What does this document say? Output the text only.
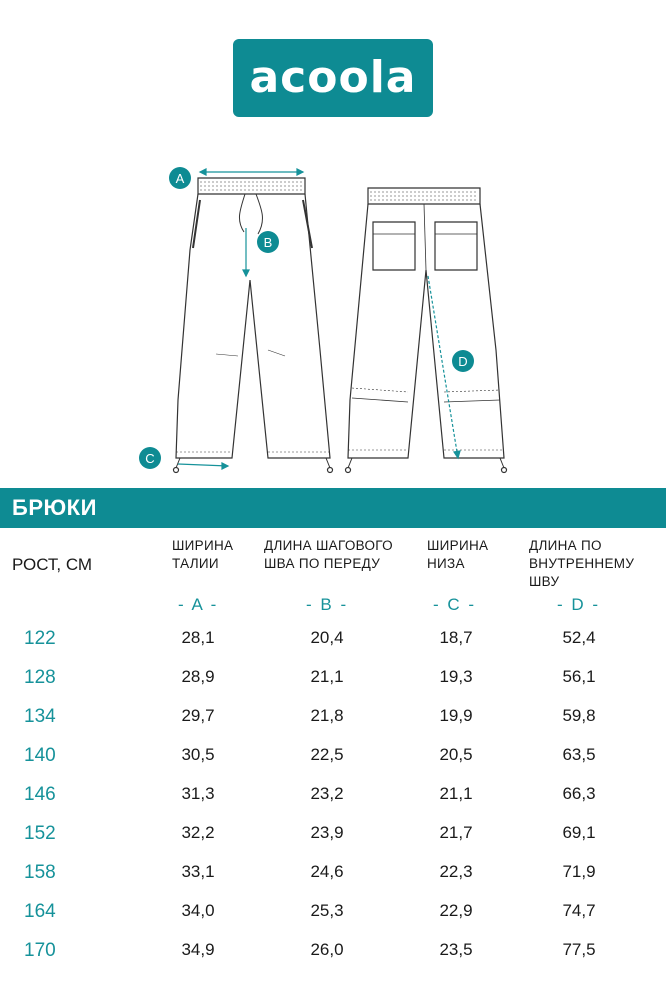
acoola
A
B
C
D
БРЮКИ
РОСТ, СМ
ШИРИНА
ТАЛИИ
ДЛИНА ШАГОВОГО
ШВА ПО ПЕРЕДУ
ШИРИНА
НИЗА
ДЛИНА ПО
ВНУТРЕННЕМУ ШВУ
- A -	- B -	- C -	- D -
122	28,1	20,4	18,7	52,4
128	28,9	21,1	19,3	56,1
134	29,7	21,8	19,9	59,8
140	30,5	22,5	20,5	63,5
146	31,3	23,2	21,1	66,3
152	32,2	23,9	21,7	69,1
158	33,1	24,6	22,3	71,9
164	34,0	25,3	22,9	74,7
170	34,9	26,0	23,5	77,5
